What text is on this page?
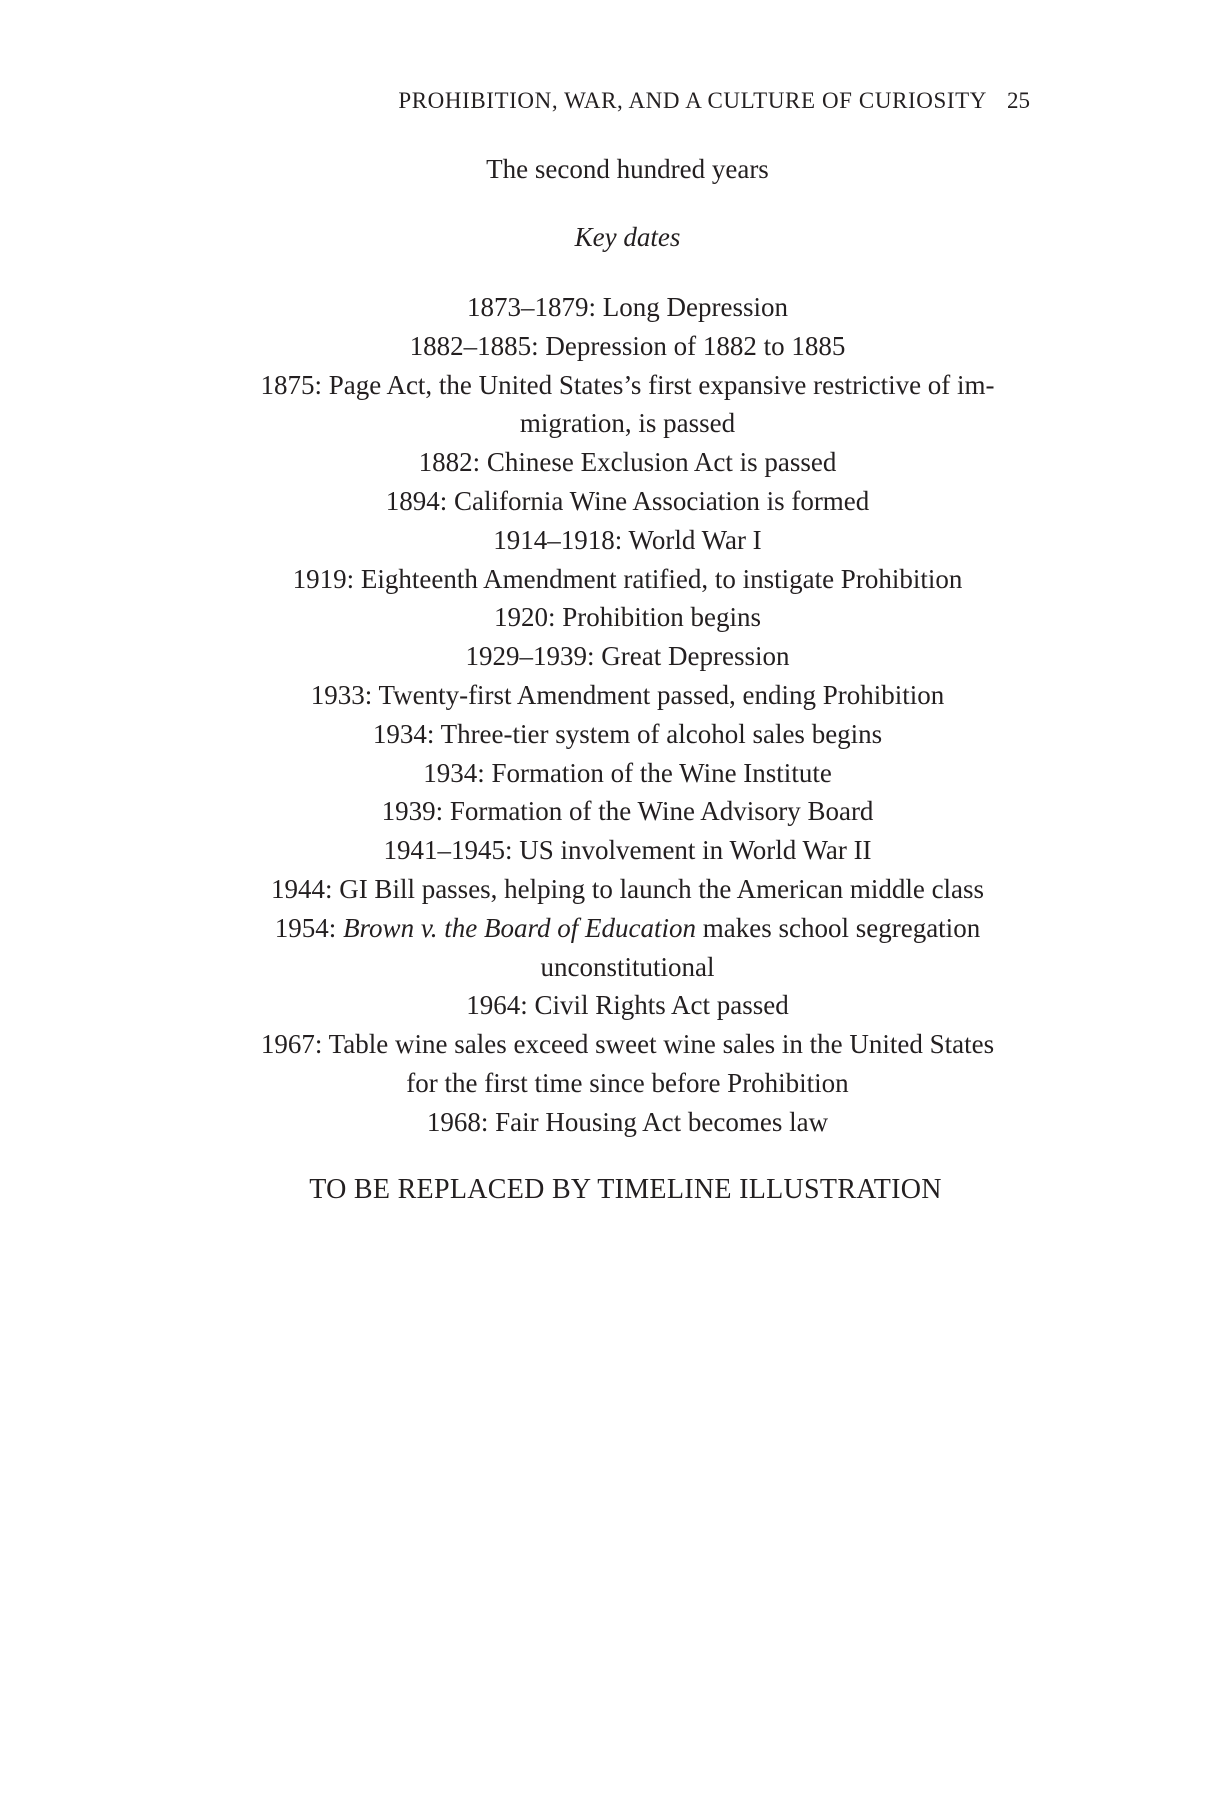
PROHIBITION, WAR, AND A CULTURE OF CURIOSITY 25
The second hundred years
Key dates
1873–1879: Long Depression
1882–1885: Depression of 1882 to 1885
1875: Page Act, the United States’s first expansive restrictive of im-
migration, is passed
1882: Chinese Exclusion Act is passed
1894: California Wine Association is formed
1914–1918: World War I
1919: Eighteenth Amendment ratified, to instigate Prohibition
1920: Prohibition begins
1929–1939: Great Depression
1933: Twenty-first Amendment passed, ending Prohibition
1934: Three-tier system of alcohol sales begins
1934: Formation of the Wine Institute
1939: Formation of the Wine Advisory Board
1941–1945: US involvement in World War II
1944: GI Bill passes, helping to launch the American middle class
1954: Brown v. the Board of Education makes school segregation
unconstitutional
1964: Civil Rights Act passed
1967: Table wine sales exceed sweet wine sales in the United States
for the first time since before Prohibition
1968: Fair Housing Act becomes law
TO BE REPLACED BY TIMELINE ILLUSTRATION
